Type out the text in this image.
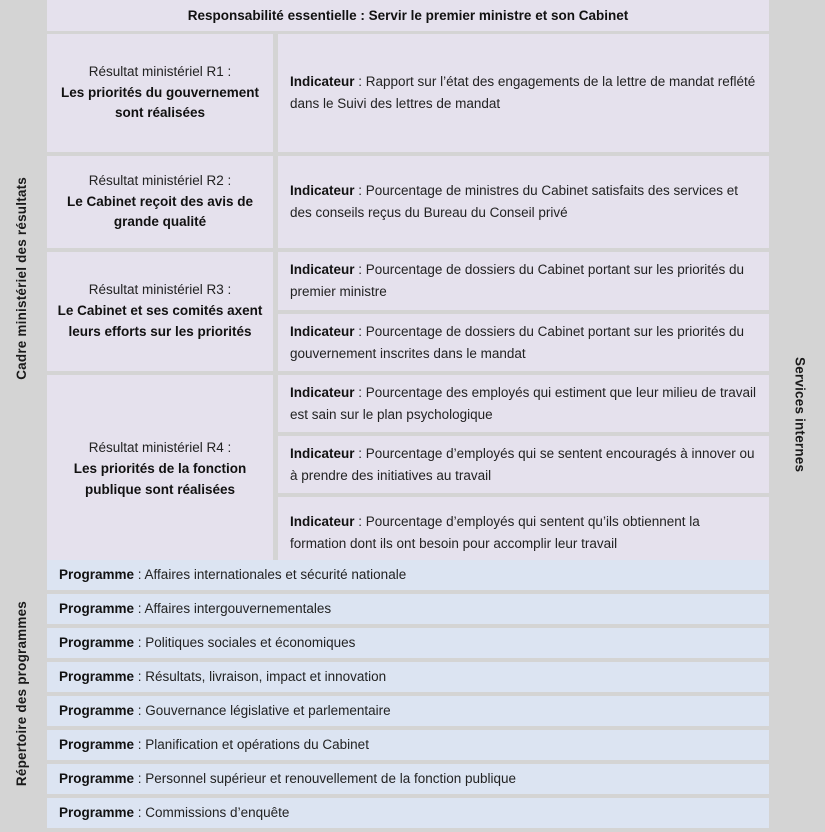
Cadre ministériel des résultats
Répertoire des programmes
Services internes
Responsabilité essentielle : Servir le premier ministre et son Cabinet
Résultat ministériel R1 :
Les priorités du gouvernement sont réalisées
Indicateur : Rapport sur l’état des engagements de la lettre de mandat reflété dans le Suivi des lettres de mandat
Résultat ministériel R2 :
Le Cabinet reçoit des avis de grande qualité
Indicateur : Pourcentage de ministres du Cabinet satisfaits des services et des conseils reçus du Bureau du Conseil privé
Résultat ministériel R3 :
Le Cabinet et ses comités axent leurs efforts sur les priorités
Indicateur : Pourcentage de dossiers du Cabinet portant sur les priorités du premier ministre
Indicateur : Pourcentage de dossiers du Cabinet portant sur les priorités du gouvernement inscrites dans le mandat
Résultat ministériel R4 :
Les priorités de la fonction publique sont réalisées
Indicateur : Pourcentage des employés qui estiment que leur milieu de travail est sain sur le plan psychologique
Indicateur : Pourcentage d’employés qui se sentent encouragés à innover ou à prendre des initiatives au travail
Indicateur : Pourcentage d’employés qui sentent qu’ils obtiennent la formation dont ils ont besoin pour accomplir leur travail
Programme : Affaires internationales et sécurité nationale
Programme : Affaires intergouvernementales
Programme : Politiques sociales et économiques
Programme : Résultats, livraison, impact et innovation
Programme : Gouvernance législative et parlementaire
Programme : Planification et opérations du Cabinet
Programme : Personnel supérieur et renouvellement de la fonction publique
Programme : Commissions d’enquête
